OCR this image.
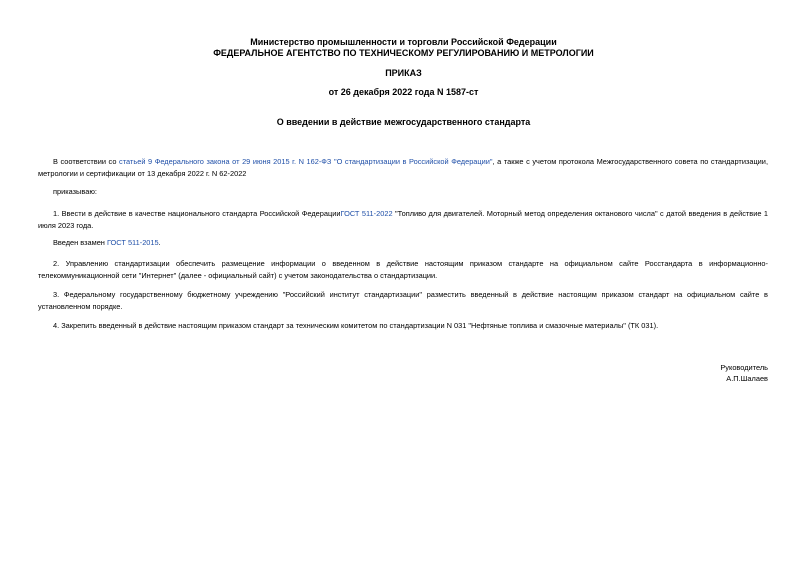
Министерство промышленности и торговли Российской Федерации
ФЕДЕРАЛЬНОЕ АГЕНТСТВО ПО ТЕХНИЧЕСКОМУ РЕГУЛИРОВАНИЮ И МЕТРОЛОГИИ
ПРИКАЗ
от 26 декабря 2022 года N 1587-ст
О введении в действие межгосударственного стандарта
В соответствии со статьей 9 Федерального закона от 29 июня 2015 г. N 162-ФЗ "О стандартизации в Российской Федерации", а также с учетом протокола Межгосударственного совета по стандартизации, метрологии и сертификации от 13 декабря 2022 г. N 62-2022
приказываю:
1. Ввести в действие в качестве национального стандарта Российской ФедерацииГОСТ 511-2022 "Топливо для двигателей. Моторный метод определения октанового числа" с датой введения в действие 1 июля 2023 года.
Введен взамен ГОСТ 511-2015.
2. Управлению стандартизации обеспечить размещение информации о введенном в действие настоящим приказом стандарте на официальном сайте Росстандарта в информационно-телекоммуникационной сети "Интернет" (далее - официальный сайт) с учетом законодательства о стандартизации.
3. Федеральному государственному бюджетному учреждению "Российский институт стандартизации" разместить введенный в действие настоящим приказом стандарт на официальном сайте в установленном порядке.
4. Закрепить введенный в действие настоящим приказом стандарт за техническим комитетом по стандартизации N 031 "Нефтяные топлива и смазочные материалы" (ТК 031).
Руководитель
А.П.Шалаев
